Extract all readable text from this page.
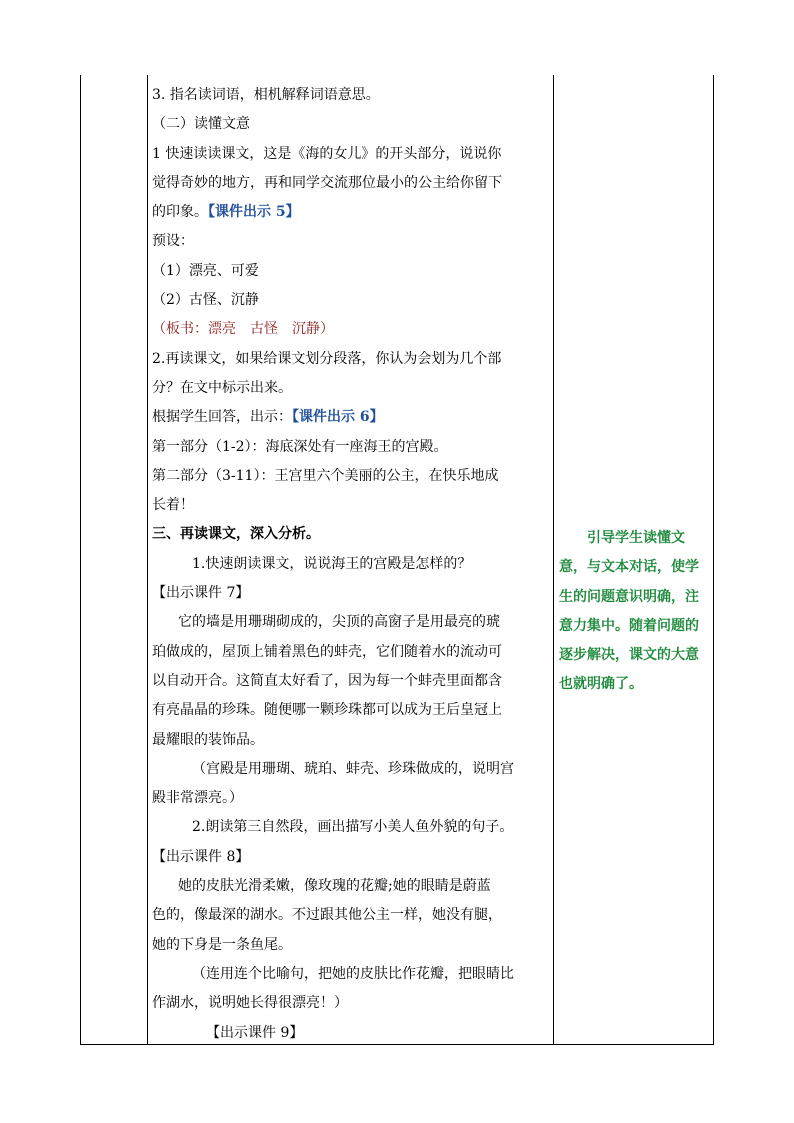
3. 指名读词语，相机解释词语意思。
（二）读懂文意
1 快速读读课文，这是《海的女儿》的开头部分，说说你
觉得奇妙的地方，再和同学交流那位最小的公主给你留下
的印象。【课件出示 5】
预设：
（1）漂亮、可爱
（2）古怪、沉静
（板书：漂亮　古怪　沉静）
2.再读课文，如果给课文划分段落，你认为会划为几个部
分？在文中标示出来。
根据学生回答，出示：【课件出示 6】
第一部分（1-2）：海底深处有一座海王的宫殿。
第二部分（3-11）：王宫里六个美丽的公主，在快乐地成
长着！
三、再读课文，深入分析。
1.快速朗读课文，说说海王的宫殿是怎样的？
【出示课件 7】
它的墙是用珊瑚砌成的，尖顶的高窗子是用最亮的琥
珀做成的，屋顶上铺着黑色的蚌壳，它们随着水的流动可
以自动开合。这简直太好看了，因为每一个蚌壳里面都含
有亮晶晶的珍珠。随便哪一颗珍珠都可以成为王后皇冠上
最耀眼的装饰品。
（宫殿是用珊瑚、琥珀、蚌壳、珍珠做成的，说明宫
殿非常漂亮。）
2.朗读第三自然段，画出描写小美人鱼外貌的句子。
【出示课件 8】
她的皮肤光滑柔嫩，像玫瑰的花瓣;她的眼睛是蔚蓝
色的，像最深的湖水。不过跟其他公主一样，她没有腿，
她的下身是一条鱼尾。
（连用连个比喻句，把她的皮肤比作花瓣，把眼睛比
作湖水，说明她长得很漂亮！）
【出示课件 9】
　　引导学生读懂文
意，与文本对话，使学
生的问题意识明确，注
意力集中。随着问题的
逐步解决，课文的大意
也就明确了。
